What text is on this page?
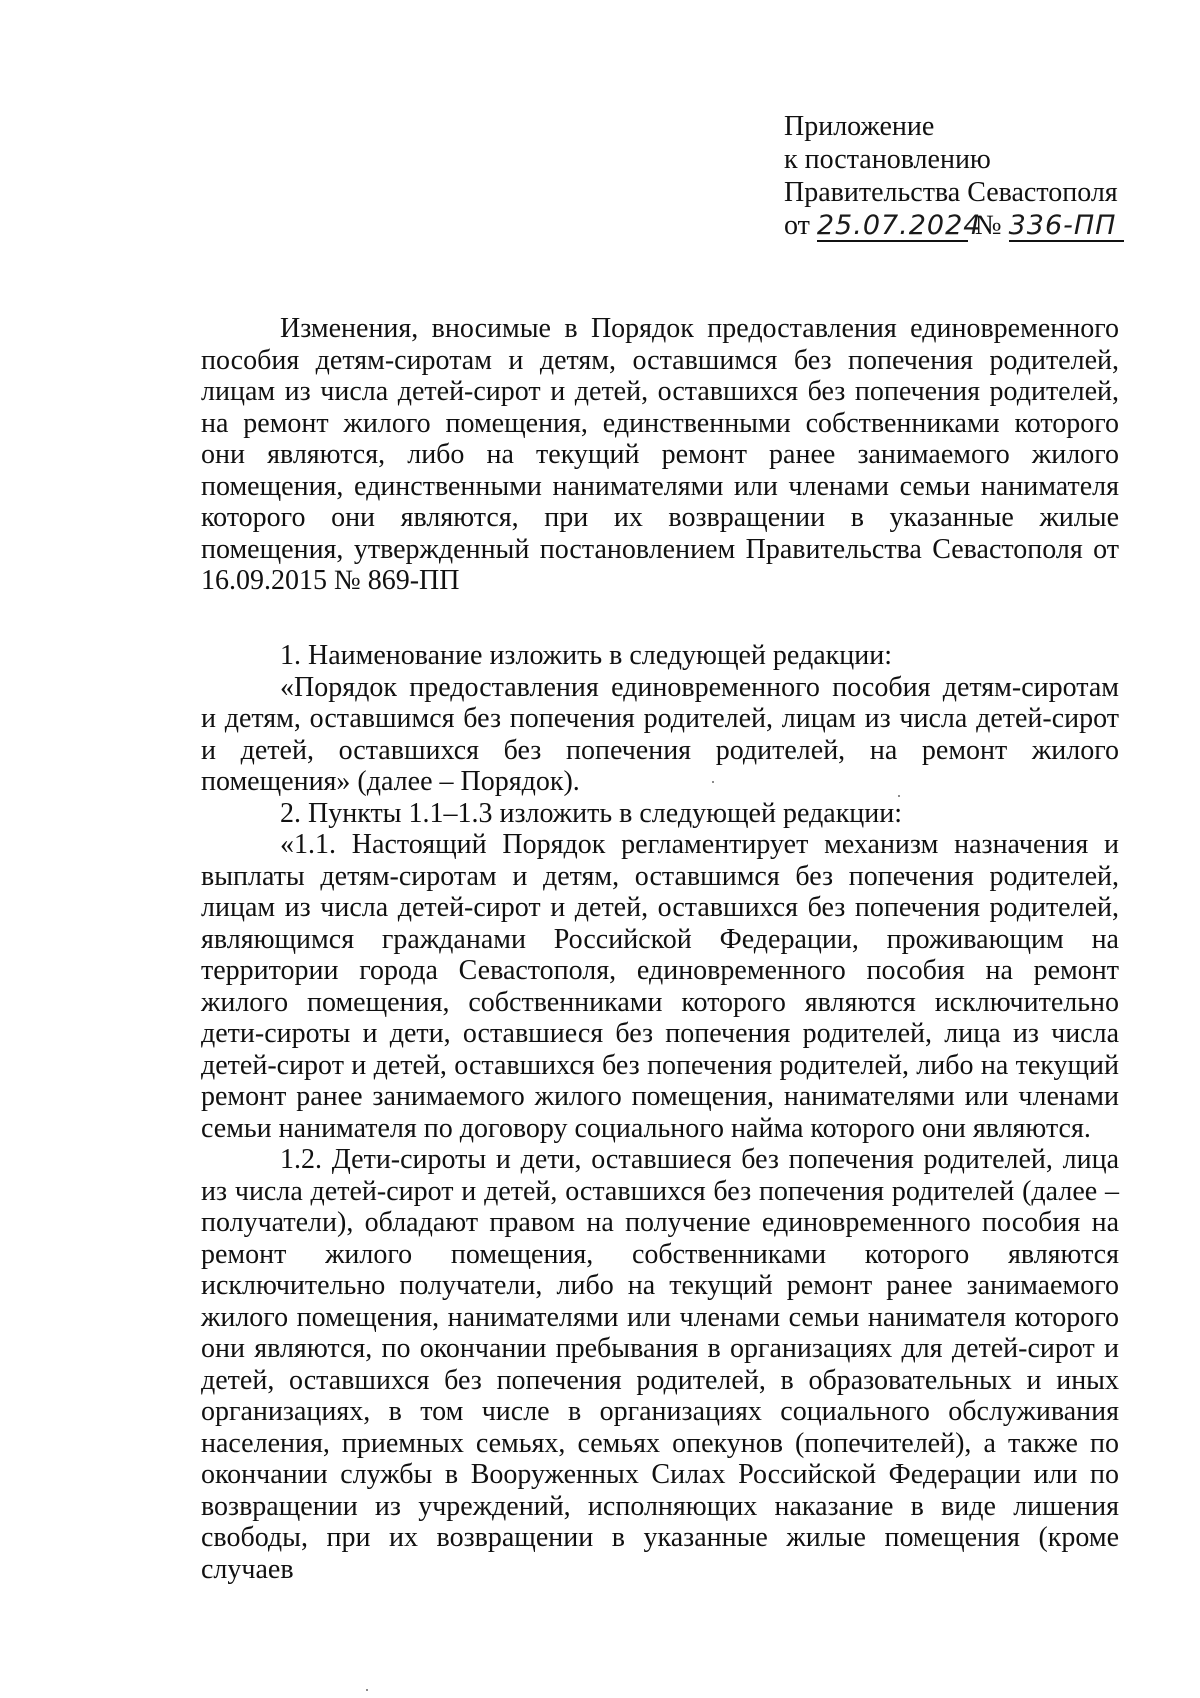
Приложение
к постановлению
Правительства Севастополя
от 25.07.2024 № 336-ПП

Изменения, вносимые в Порядок предоставления единовременного пособия детям-сиротам и детям, оставшимся без попечения родителей, лицам из числа детей-сирот и детей, оставшихся без попечения родителей, на ремонт жилого помещения, единственными собственниками которого они являются, либо на текущий ремонт ранее занимаемого жилого помещения, единственными нанимателями или членами семьи нанимателя которого они являются, при их возвращении в указанные жилые помещения, утвержденный постановлением Правительства Севастополя от 16.09.2015 № 869-ПП

1. Наименование изложить в следующей редакции:

«Порядок предоставления единовременного пособия детям-сиротам и детям, оставшимся без попечения родителей, лицам из числа детей-сирот и детей, оставшихся без попечения родителей, на ремонт жилого помещения» (далее – Порядок).

2. Пункты 1.1–1.3 изложить в следующей редакции:

«1.1. Настоящий Порядок регламентирует механизм назначения и выплаты детям-сиротам и детям, оставшимся без попечения родителей, лицам из числа детей-сирот и детей, оставшихся без попечения родителей, являющимся гражданами Российской Федерации, проживающим на территории города Севастополя, единовременного пособия на ремонт жилого помещения, собственниками которого являются исключительно дети-сироты и дети, оставшиеся без попечения родителей, лица из числа детей-сирот и детей, оставшихся без попечения родителей, либо на текущий ремонт ранее занимаемого жилого помещения, нанимателями или членами семьи нанимателя по договору социального найма которого они являются.

1.2. Дети-сироты и дети, оставшиеся без попечения родителей, лица из числа детей-сирот и детей, оставшихся без попечения родителей (далее – получатели), обладают правом на получение единовременного пособия на ремонт жилого помещения, собственниками которого являются исключительно получатели, либо на текущий ремонт ранее занимаемого жилого помещения, нанимателями или членами семьи нанимателя которого они являются, по окончании пребывания в организациях для детей-сирот и детей, оставшихся без попечения родителей, в образовательных и иных организациях, в том числе в организациях социального обслуживания населения, приемных семьях, семьях опекунов (попечителей), а также по окончании службы в Вооруженных Силах Российской Федерации или по возвращении из учреждений, исполняющих наказание в виде лишения свободы, при их возвращении в указанные жилые помещения (кроме случаев
